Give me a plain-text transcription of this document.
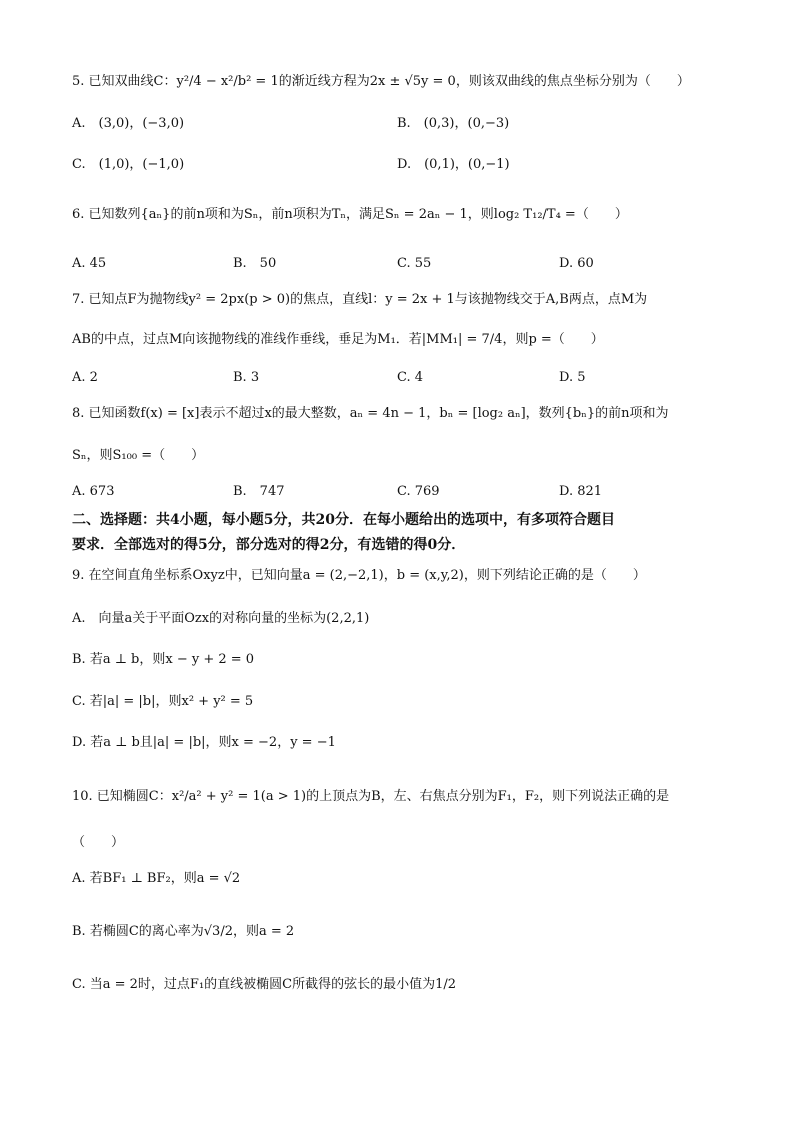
5. 已知双曲线C：y²/4 − x²/b² = 1的渐近线方程为2x ± √5y = 0，则该双曲线的焦点坐标分别为（　　）
A.　(3,0)，(−3,0)	B.　(0,3)，(0,−3)
C.　(1,0)，(−1,0)	D.　(0,1)，(0,−1)
6. 已知数列{aₙ}的前n项和为Sₙ，前n项积为Tₙ，满足Sₙ = 2aₙ − 1，则log₂ T₁₂/T₄ =（　　）
A. 45	B.　50	C. 55	D. 60
7. 已知点F为抛物线y² = 2px(p > 0)的焦点，直线l：y = 2x + 1与该抛物线交于A,B两点，点M为
AB的中点，过点M向该抛物线的准线作垂线，垂足为M₁．若|MM₁| = 7/4，则p =（　　）
A. 2	B. 3	C. 4	D. 5
8. 已知函数f(x) = [x]表示不超过x的最大整数，aₙ = 4n − 1，bₙ = [log₂ aₙ]，数列{bₙ}的前n项和为
Sₙ，则S₁₀₀ =（　　）
A. 673	B.　747	C. 769	D. 821
二、选择题：共4小题，每小题5分，共20分．在每小题给出的选项中，有多项符合题目
要求．全部选对的得5分，部分选对的得2分，有选错的得0分．
9. 在空间直角坐标系Oxyz中，已知向量a = (2,−2,1)，b = (x,y,2)，则下列结论正确的是（　　）
A.　向量a关于平面Ozx的对称向量的坐标为(2,2,1)
B. 若a ⊥ b，则x − y + 2 = 0
C. 若|a| = |b|，则x² + y² = 5
D. 若a ⊥ b且|a| = |b|，则x = −2，y = −1
10. 已知椭圆C：x²/a² + y² = 1(a > 1)的上顶点为B，左、右焦点分别为F₁，F₂，则下列说法正确的是
（　　）
A. 若BF₁ ⊥ BF₂，则a = √2
B. 若椭圆C的离心率为√3/2，则a = 2
C. 当a = 2时，过点F₁的直线被椭圆C所截得的弦长的最小值为1/2
